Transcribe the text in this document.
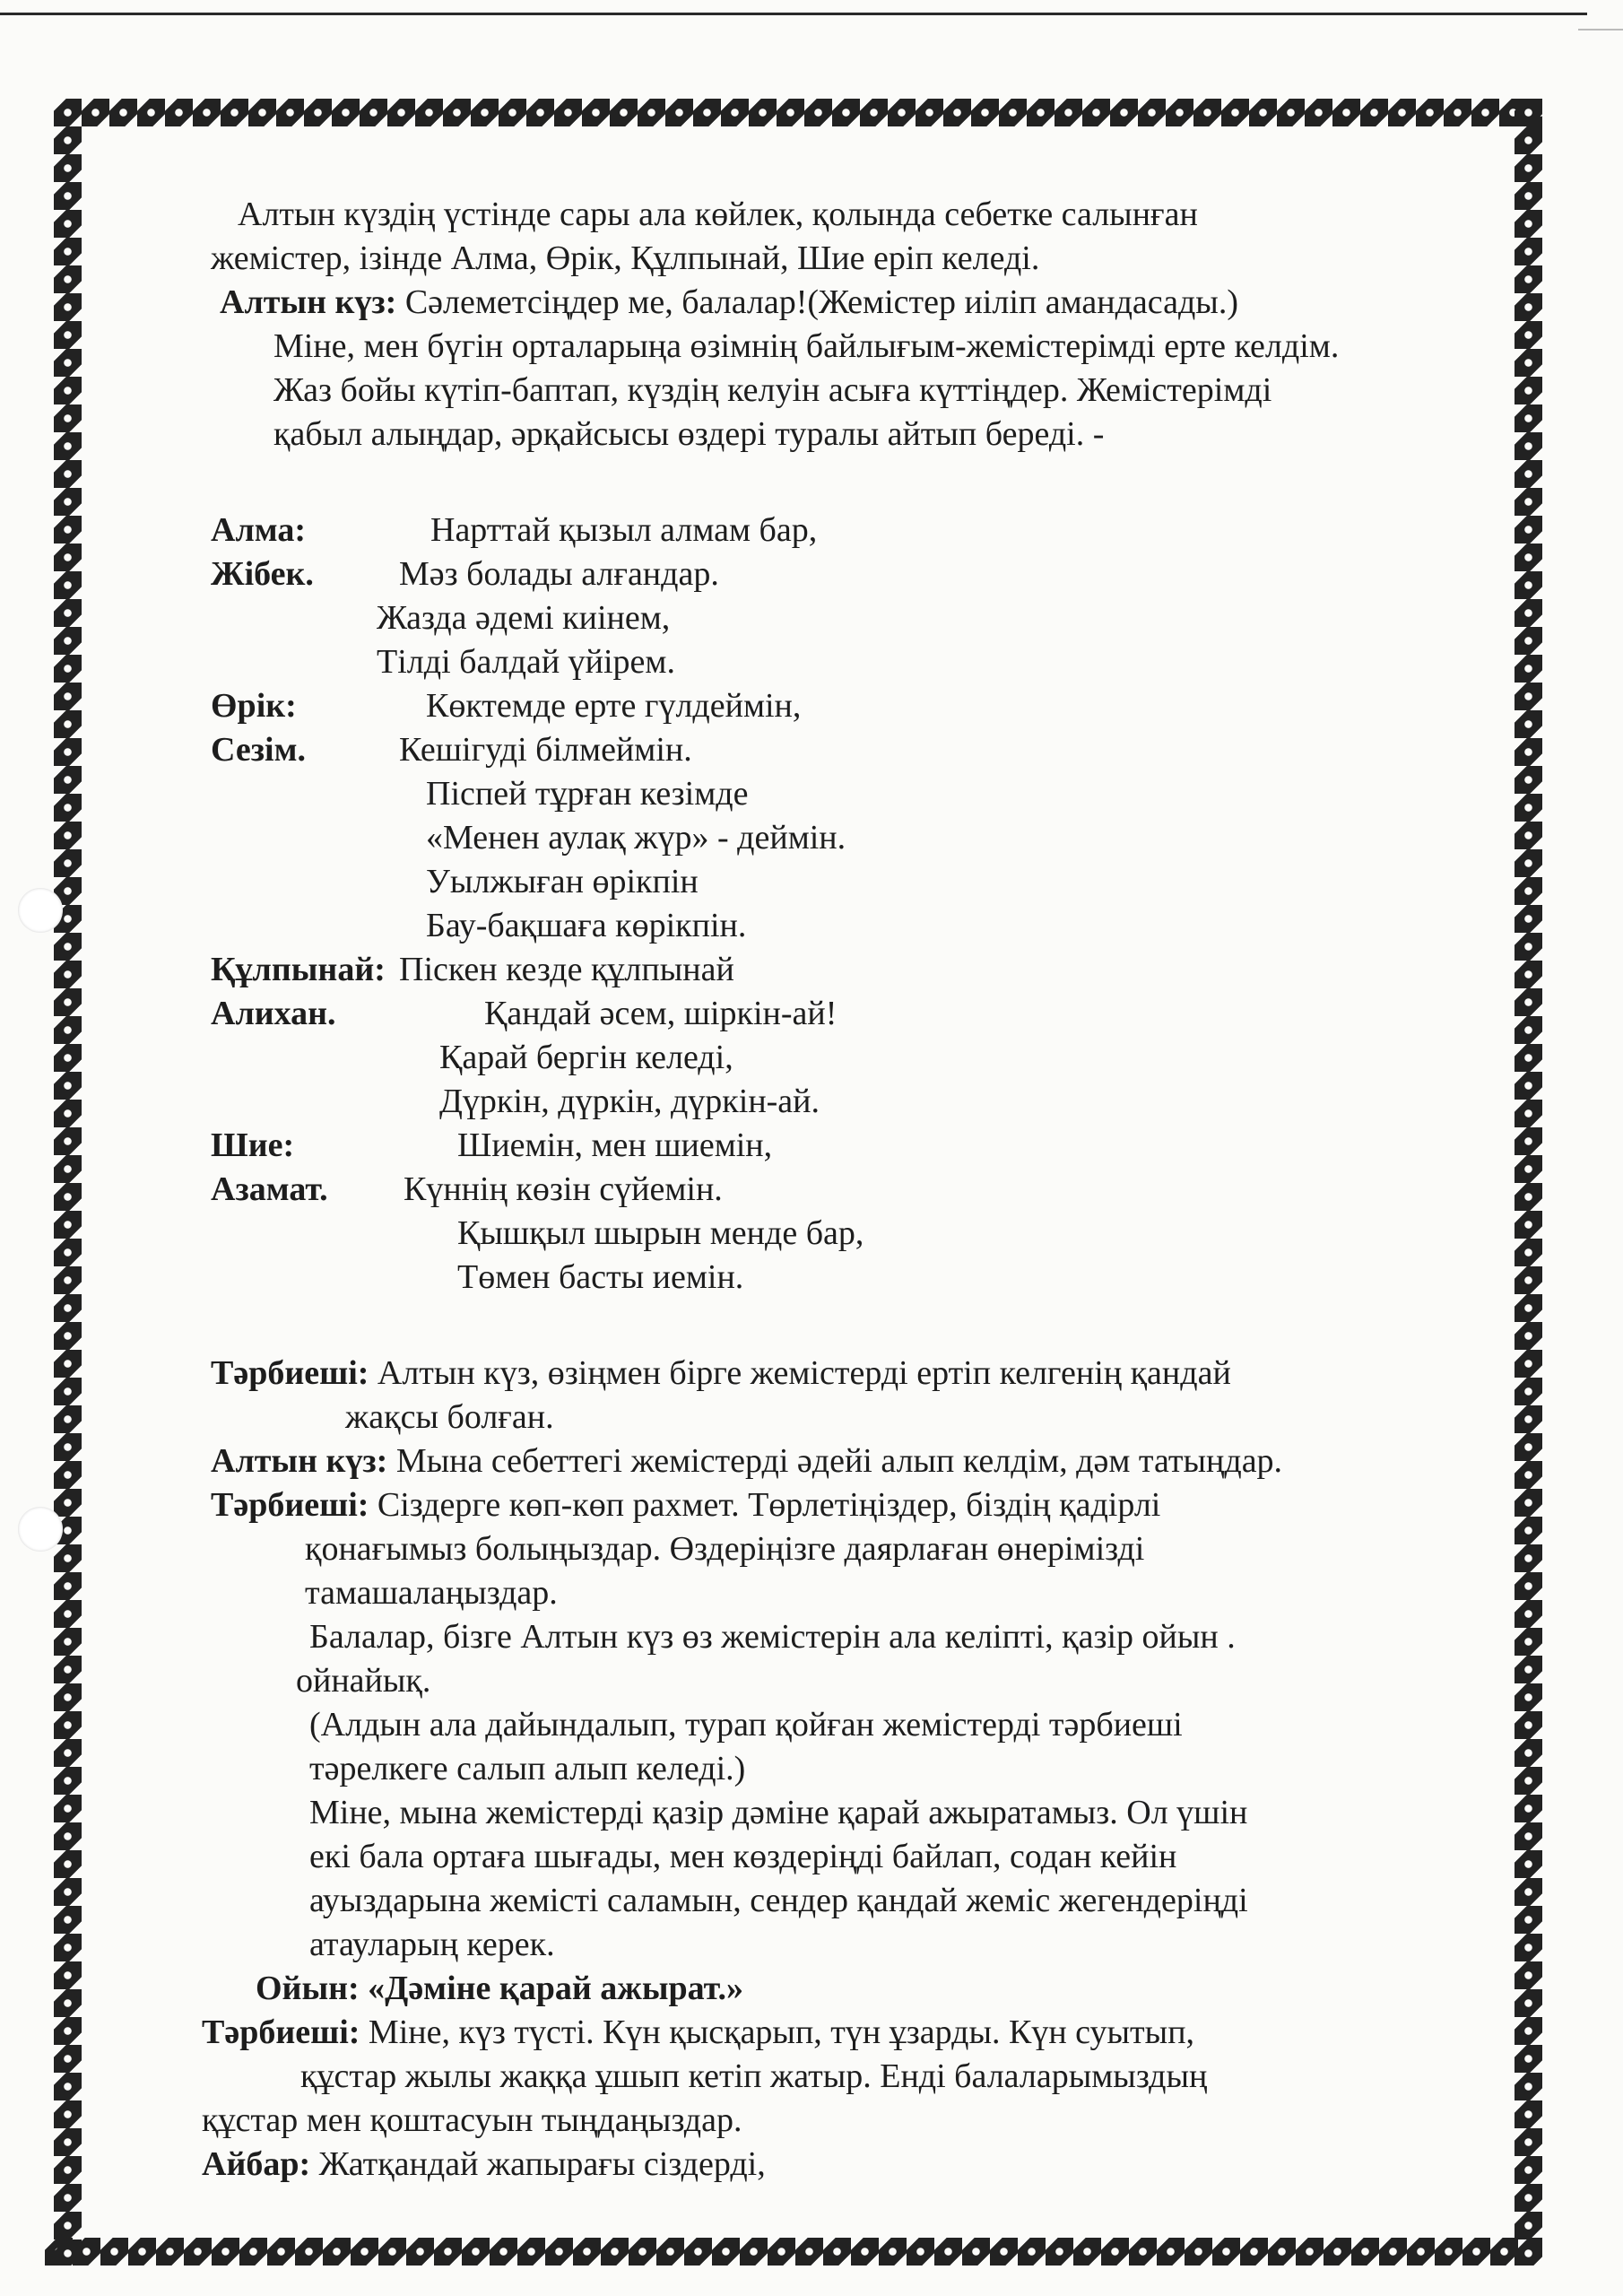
Алтын күздің үстінде сары ала көйлек, қолында себетке салынған

жемістер, ізінде Алма, Өрік, Құлпынай, Шие еріп келеді.

Алтын күз: Сәлеметсіңдер ме, балалар!(Жемістер иіліп амандасады.)

Міне, мен бүгін орталарыңа өзімнің байлығым-жемістерімді ерте келдім.

Жаз бойы күтіп-баптап, күздің келуін асыға күттіңдер. Жемістерімді

қабыл алыңдар, әрқайсысы өздері туралы айтып береді. -

Алма:	Нарттай қызыл алмам бар,
Жібек.	Мәз болады алғандар.
Жазда әдемі киінем,
Тілді балдай үйірем.
Өрік:	Көктемде ерте гүлдеймін,
Сезім.	Кешігуді білмеймін.
Піспей тұрған кезімде
«Менен аулақ жүр» - деймін.
Уылжыған өрікпін
Бау-бақшаға көрікпін.
Құлпынай: Піскен кезде құлпынай
Алихан.	Қандай әсем, шіркін-ай!
Қарай бергін келеді,
Дүркін, дүркін, дүркін-ай.
Шие:	Шиемін, мен шиемін,
Азамат.	Күннің көзін сүйемін.
Қышқыл шырын менде бар,
Төмен басты иемін.

Тәрбиеші: Алтын күз, өзіңмен бірге жемістерді ертіп келгенің қандай

жақсы болған.

Алтын күз: Мына себеттегі жемістерді әдейі алып келдім, дәм татыңдар.

Тәрбиеші: Сіздерге көп-көп рахмет. Төрлетіңіздер, біздің қадірлі

қонағымыз болыңыздар. Өздеріңізге даярлаған өнерімізді

тамашалаңыздар.

Балалар, бізге Алтын күз өз жемістерін ала келіпті, қазір ойын .

ойнайық.

(Алдын ала дайындалып, турап қойған жемістерді тәрбиеші

тәрелкеге салып алып келеді.)

Міне, мына жемістерді қазір дәміне қарай ажыратамыз. Ол үшін

екі бала ортаға шығады, мен көздеріңді байлап, содан кейін

ауыздарына жемісті саламын, сендер қандай жеміс жегендеріңді

атауларың керек.

Ойын: «Дәміне қарай ажырат.»

Тәрбиеші: Міне, күз түсті. Күн қысқарып, түн ұзарды. Күн суытып,

құстар жылы жаққа ұшып кетіп жатыр. Енді балаларымыздың

құстар мен қоштасуын тыңдаңыздар.

Айбар: Жатқандай жапырағы сіздерді,
